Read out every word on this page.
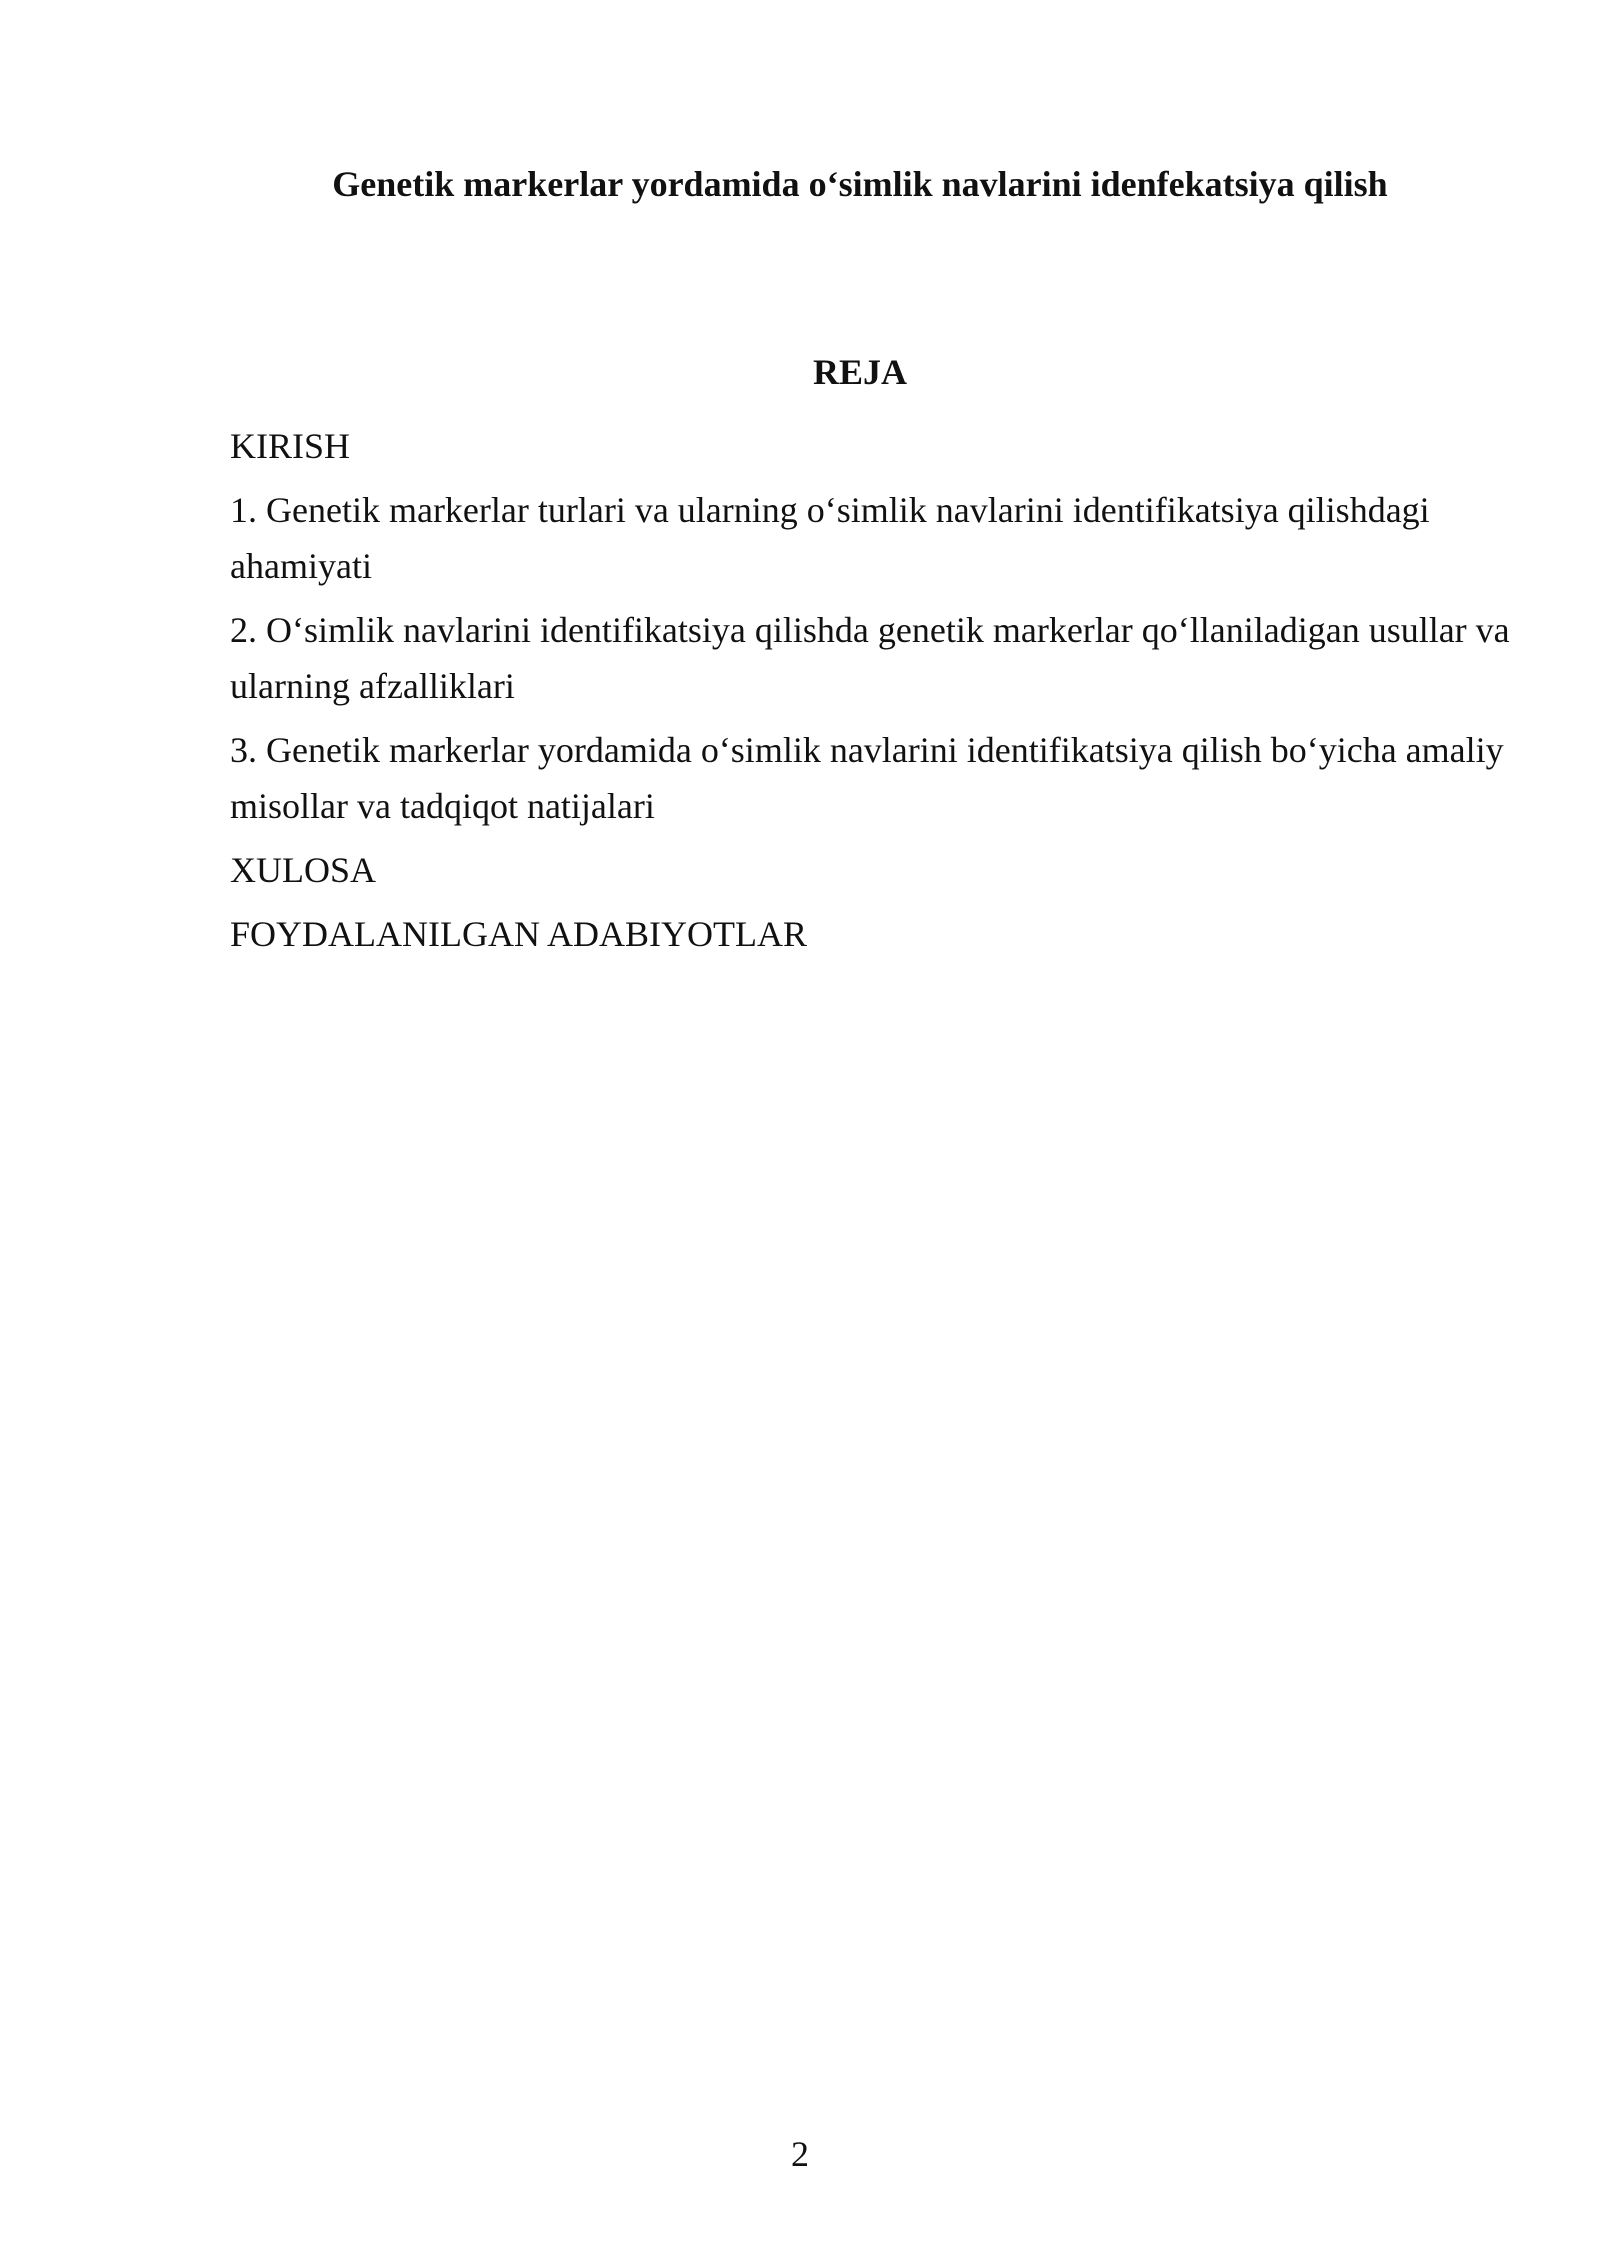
Genetik markerlar yordamida o‘simlik navlarini idenfekatsiya qilish
REJA
KIRISH
1. Genetik markerlar turlari va ularning o‘simlik navlarini identifikatsiya qilishdagi ahamiyati
2. O‘simlik navlarini identifikatsiya qilishda genetik markerlar qo‘llaniladigan usullar va ularning afzalliklari
3. Genetik markerlar yordamida o‘simlik navlarini identifikatsiya qilish bo‘yicha amaliy misollar va tadqiqot natijalari
XULOSA
FOYDALANILGAN ADABIYOTLAR
2
